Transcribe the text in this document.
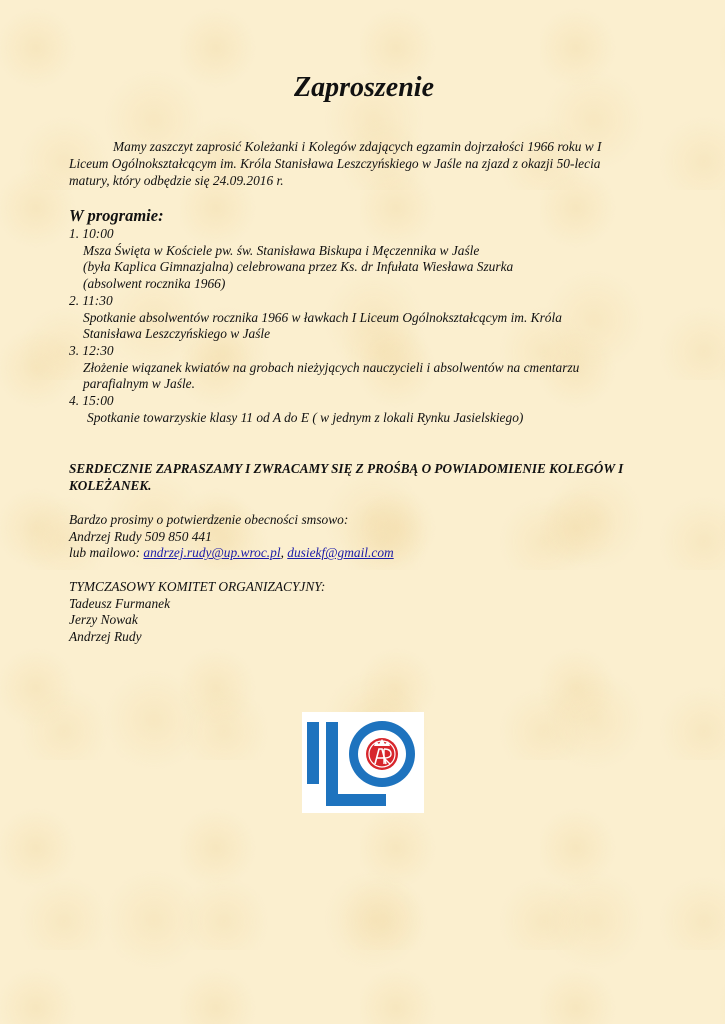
Zaproszenie

Mamy zaszczyt zaprosić Koleżanki i Kolegów zdających egzamin dojrzałości 1966 roku w I Liceum Ogólnokształcącym im. Króla Stanisława Leszczyńskiego w Jaśle na zjazd z okazji 50-lecia matury, który odbędzie się 24.09.2016 r.

W programie:
1. 10:00
Msza Święta w Kościele pw. św. Stanisława Biskupa i Męczennika w Jaśle
(była Kaplica Gimnazjalna) celebrowana przez Ks. dr Infułata Wiesława Szurka
(absolwent rocznika 1966)
2. 11:30
Spotkanie absolwentów rocznika 1966 w ławkach I Liceum Ogólnokształcącym im. Króla
Stanisława Leszczyńskiego w Jaśle
3. 12:30
Złożenie wiązanek kwiatów na grobach nieżyjących nauczycieli i absolwentów na cmentarzu
parafialnym w Jaśle.
4. 15:00
Spotkanie towarzyskie klasy 11 od A do E ( w jednym z lokali Rynku Jasielskiego)

SERDECZNIE ZAPRASZAMY I ZWRACAMY SIĘ Z PROŚBĄ O POWIADOMIENIE KOLEGÓW I KOLEŻANEK.

Bardzo prosimy o potwierdzenie obecności smsowo:
Andrzej Rudy 509 850 441
lub mailowo: andrzej.rudy@up.wroc.pl, dusiekf@gmail.com
TYMCZASOWY KOMITET ORGANIZACYJNY:
Tadeusz Furmanek
Jerzy Nowak
Andrzej Rudy
